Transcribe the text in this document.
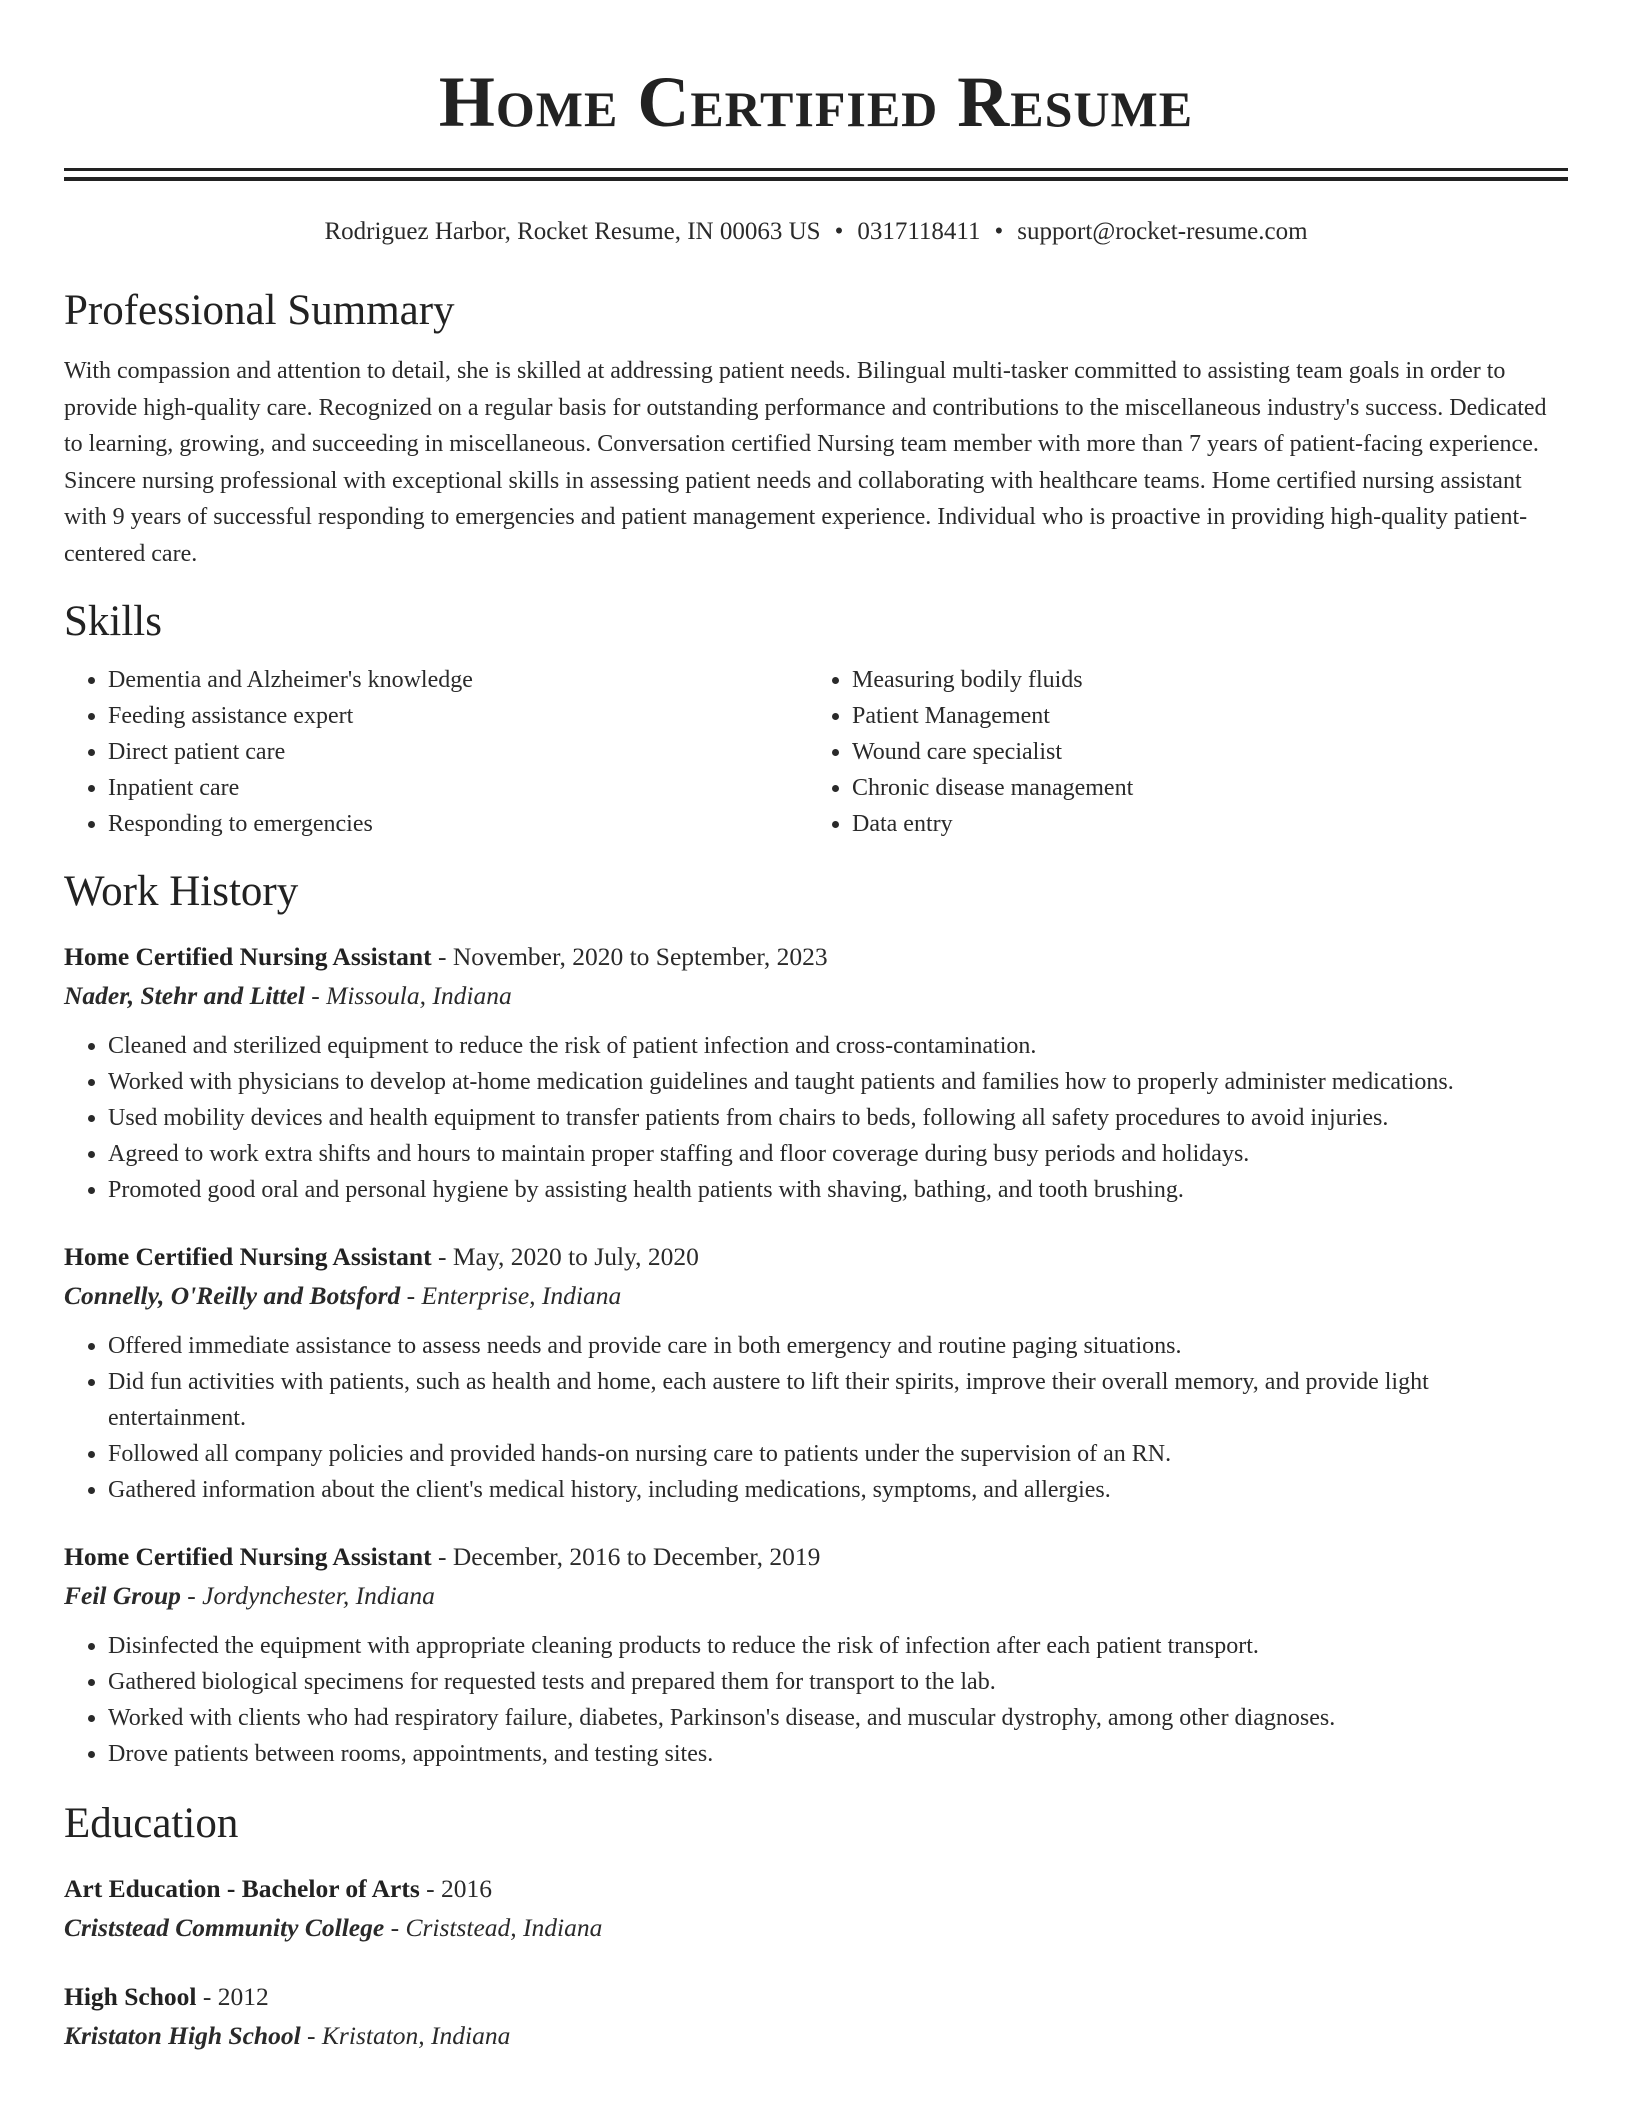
Home Certified Resume
Rodriguez Harbor, Rocket Resume, IN 00063 US • 0317118411 • support@rocket-resume.com
Professional Summary
With compassion and attention to detail, she is skilled at addressing patient needs. Bilingual multi-tasker committed to assisting team goals in order to provide high-quality care. Recognized on a regular basis for outstanding performance and contributions to the miscellaneous industry's success. Dedicated to learning, growing, and succeeding in miscellaneous. Conversation certified Nursing team member with more than 7 years of patient-facing experience. Sincere nursing professional with exceptional skills in assessing patient needs and collaborating with healthcare teams. Home certified nursing assistant with 9 years of successful responding to emergencies and patient management experience. Individual who is proactive in providing high-quality patient-centered care.
Skills
• Dementia and Alzheimer's knowledge
• Feeding assistance expert
• Direct patient care
• Inpatient care
• Responding to emergencies
• Measuring bodily fluids
• Patient Management
• Wound care specialist
• Chronic disease management
• Data entry
Work History
Home Certified Nursing Assistant - November, 2020 to September, 2023
Nader, Stehr and Littel - Missoula, Indiana
• Cleaned and sterilized equipment to reduce the risk of patient infection and cross-contamination.
• Worked with physicians to develop at-home medication guidelines and taught patients and families how to properly administer medications.
• Used mobility devices and health equipment to transfer patients from chairs to beds, following all safety procedures to avoid injuries.
• Agreed to work extra shifts and hours to maintain proper staffing and floor coverage during busy periods and holidays.
• Promoted good oral and personal hygiene by assisting health patients with shaving, bathing, and tooth brushing.
Home Certified Nursing Assistant - May, 2020 to July, 2020
Connelly, O'Reilly and Botsford - Enterprise, Indiana
• Offered immediate assistance to assess needs and provide care in both emergency and routine paging situations.
• Did fun activities with patients, such as health and home, each austere to lift their spirits, improve their overall memory, and provide light entertainment.
• Followed all company policies and provided hands-on nursing care to patients under the supervision of an RN.
• Gathered information about the client's medical history, including medications, symptoms, and allergies.
Home Certified Nursing Assistant - December, 2016 to December, 2019
Feil Group - Jordynchester, Indiana
• Disinfected the equipment with appropriate cleaning products to reduce the risk of infection after each patient transport.
• Gathered biological specimens for requested tests and prepared them for transport to the lab.
• Worked with clients who had respiratory failure, diabetes, Parkinson's disease, and muscular dystrophy, among other diagnoses.
• Drove patients between rooms, appointments, and testing sites.
Education
Art Education - Bachelor of Arts - 2016
Criststead Community College - Criststead, Indiana
High School - 2012
Kristaton High School - Kristaton, Indiana
